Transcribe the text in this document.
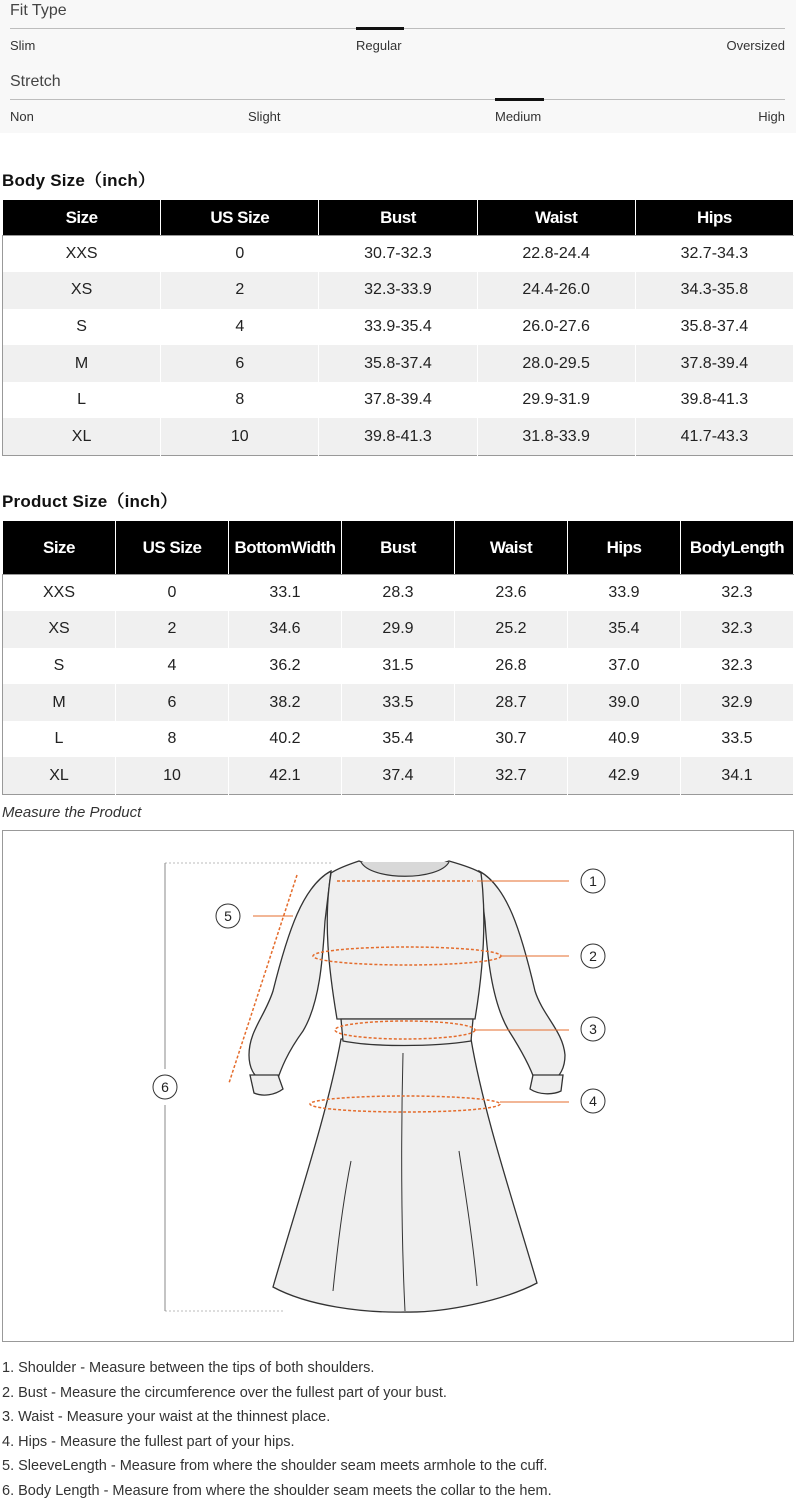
Fit Type
Slim	Regular	Oversized
Stretch
Non	Slight	Medium	High
Body Size（inch）
Size	US Size	Bust	Waist	Hips
XXS	0	30.7-32.3	22.8-24.4	32.7-34.3
XS	2	32.3-33.9	24.4-26.0	34.3-35.8
S	4	33.9-35.4	26.0-27.6	35.8-37.4
M	6	35.8-37.4	28.0-29.5	37.8-39.4
L	8	37.8-39.4	29.9-31.9	39.8-41.3
XL	10	39.8-41.3	31.8-33.9	41.7-43.3
Product Size（inch）
Size	US Size	BottomWidth	Bust	Waist	Hips	BodyLength
XXS	0	33.1	28.3	23.6	33.9	32.3
XS	2	34.6	29.9	25.2	35.4	32.3
S	4	36.2	31.5	26.8	37.0	32.3
M	6	38.2	33.5	28.7	39.0	32.9
L	8	40.2	35.4	30.7	40.9	33.5
XL	10	42.1	37.4	32.7	42.9	34.1
Measure the Product
1
2
3
4
5
6
1. Shoulder - Measure between the tips of both shoulders.
2. Bust - Measure the circumference over the fullest part of your bust.
3. Waist - Measure your waist at the thinnest place.
4. Hips - Measure the fullest part of your hips.
5. SleeveLength - Measure from where the shoulder seam meets armhole to the cuff.
6. Body Length - Measure from where the shoulder seam meets the collar to the hem.
